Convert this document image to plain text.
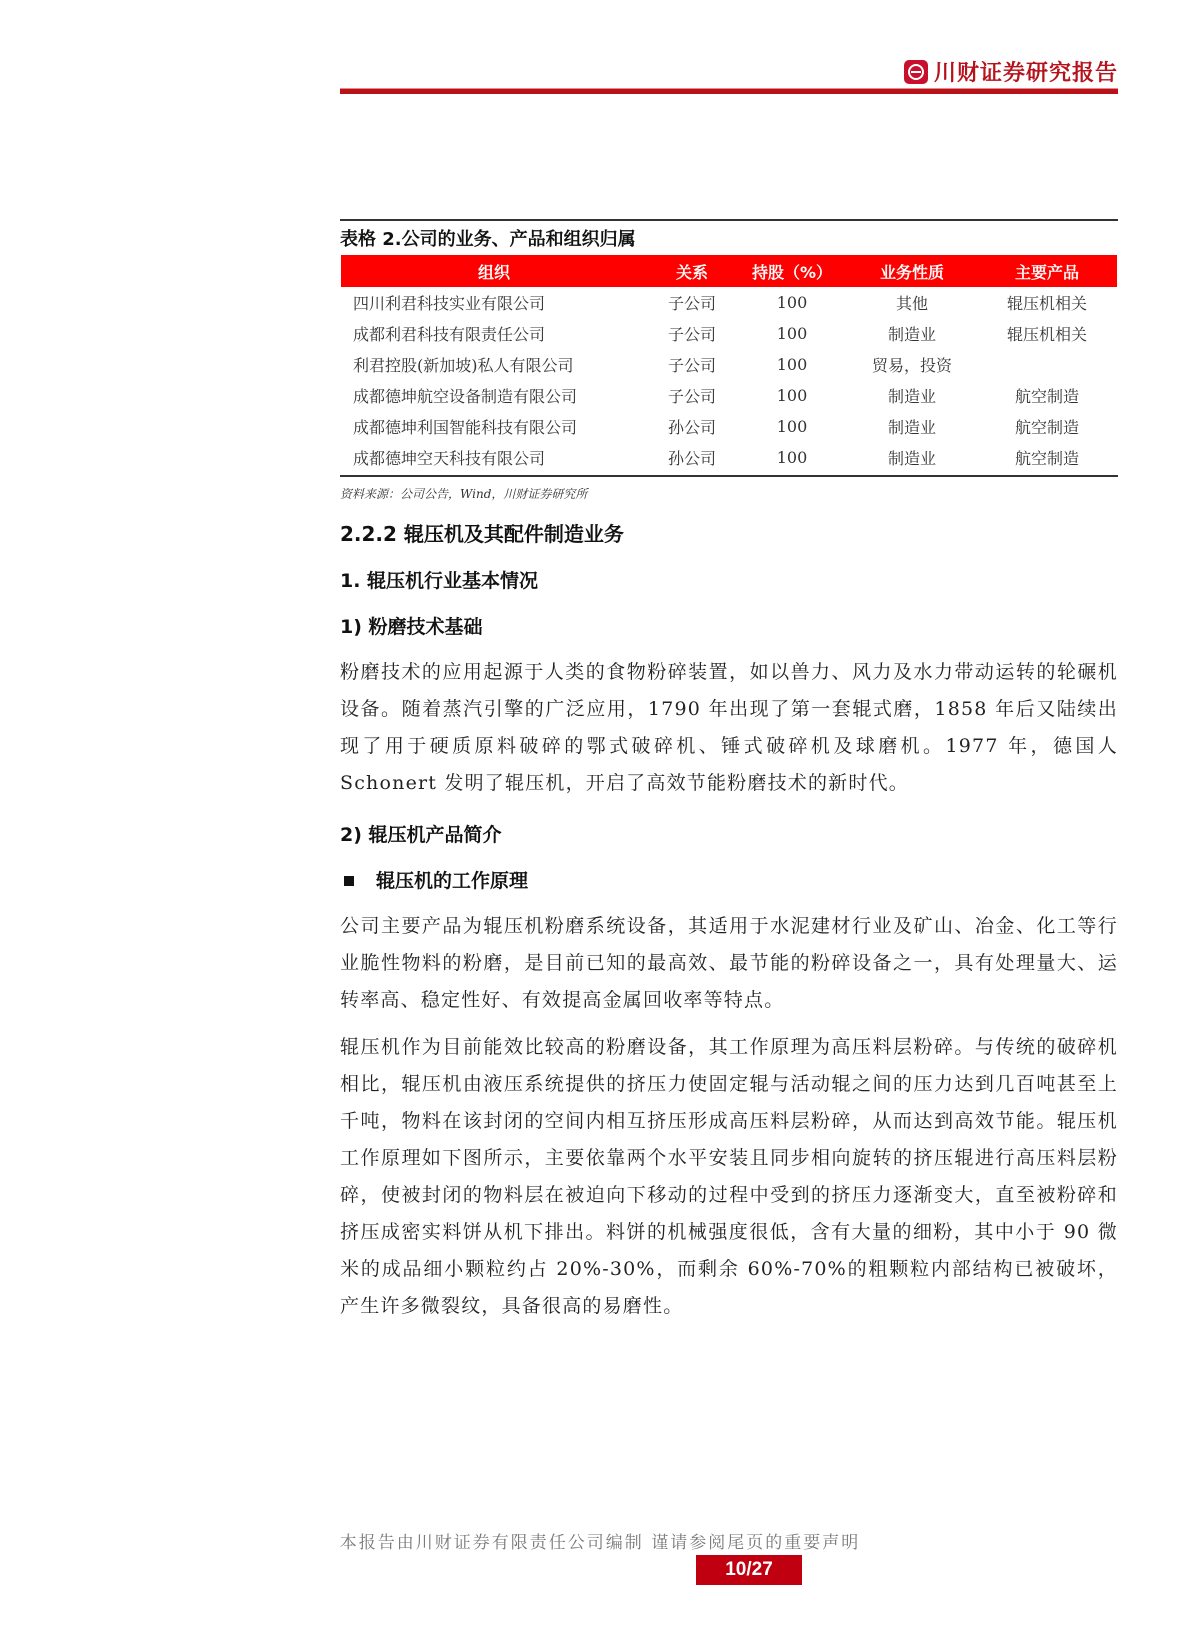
川财证券研究报告
表格 2.公司的业务、产品和组织归属
组织	关系	持股（%）	业务性质	主要产品
四川利君科技实业有限公司	子公司	100	其他	辊压机相关
成都利君科技有限责任公司	子公司	100	制造业	辊压机相关
利君控股(新加坡)私人有限公司	子公司	100	贸易，投资	
成都德坤航空设备制造有限公司	子公司	100	制造业	航空制造
成都德坤利国智能科技有限公司	孙公司	100	制造业	航空制造
成都德坤空天科技有限公司	孙公司	100	制造业	航空制造
资料来源：公司公告，Wind，川财证券研究所
2.2.2 辊压机及其配件制造业务
1. 辊压机行业基本情况
1) 粉磨技术基础

粉磨技术的应用起源于人类的食物粉碎装置，如以兽力、风力及水力带动运转的轮碾机设备。随着蒸汽引擎的广泛应用，1790 年出现了第一套辊式磨，1858 年后又陆续出现了用于硬质原料破碎的鄂式破碎机、锤式破碎机及球磨机。1977 年，德国人 Schonert 发明了辊压机，开启了高效节能粉磨技术的新时代。

2) 辊压机产品简介
辊压机的工作原理

公司主要产品为辊压机粉磨系统设备，其适用于水泥建材行业及矿山、冶金、化工等行业脆性物料的粉磨，是目前已知的最高效、最节能的粉碎设备之一，具有处理量大、运转率高、稳定性好、有效提高金属回收率等特点。

辊压机作为目前能效比较高的粉磨设备，其工作原理为高压料层粉碎。与传统的破碎机相比，辊压机由液压系统提供的挤压力使固定辊与活动辊之间的压力达到几百吨甚至上千吨，物料在该封闭的空间内相互挤压形成高压料层粉碎，从而达到高效节能。辊压机工作原理如下图所示，主要依靠两个水平安装且同步相向旋转的挤压辊进行高压料层粉碎，使被封闭的物料层在被迫向下移动的过程中受到的挤压力逐渐变大，直至被粉碎和挤压成密实料饼从机下排出。料饼的机械强度很低，含有大量的细粉，其中小于 90 微米的成品细小颗粒约占 20%-30%，而剩余 60%-70%的粗颗粒内部结构已被破坏，产生许多微裂纹，具备很高的易磨性。

本报告由川财证券有限责任公司编制 谨请参阅尾页的重要声明
10/27
